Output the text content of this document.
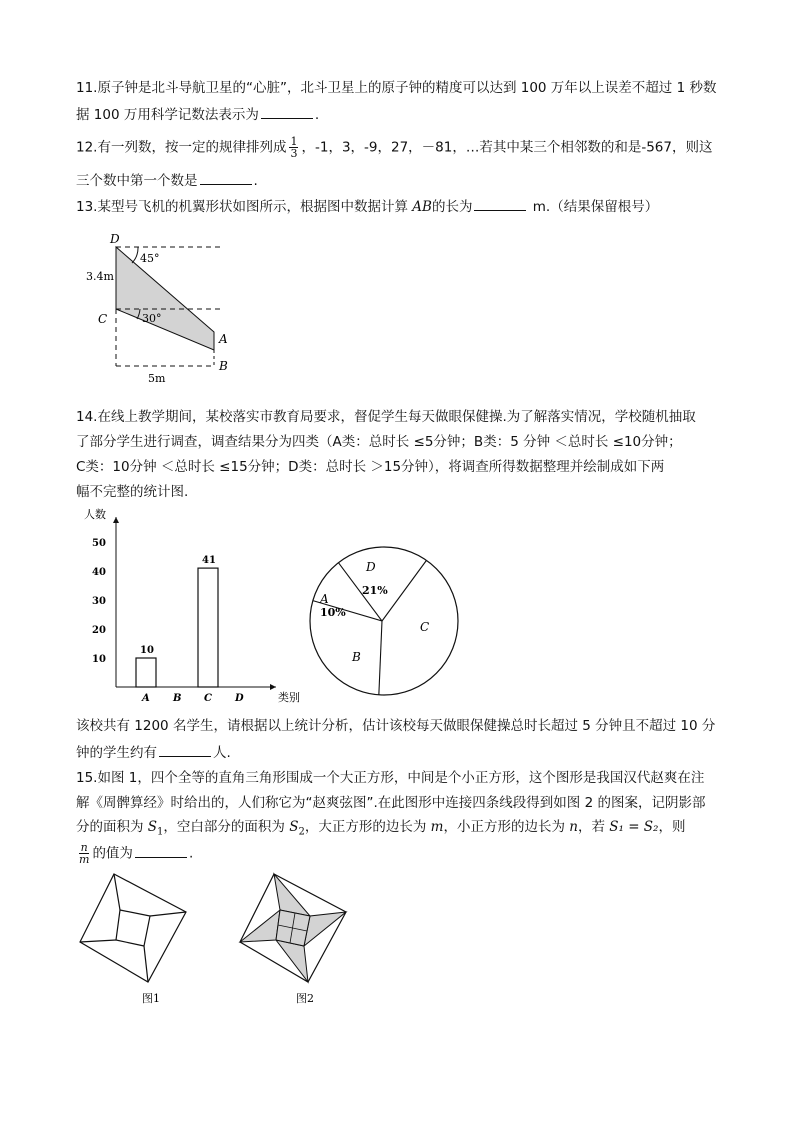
11.原子钟是北斗导航卫星的“心脏”，北斗卫星上的原子钟的精度可以达到 100 万年以上误差不超过 1 秒数
据 100 万用科学记数法表示为	.
12.有一列数，按一定的规律排列成 $\frac{1}{3}$ ，-1，3，-9，27，－81，…若其中某三个相邻数的和是-567，则这
三个数中第一个数是	.
13.某型号飞机的机翼形状如图所示，根据图中数据计算 AB的长为	m.（结果保留根号）
D
C
A
B
45°
30°
3.4m
5m
14.在线上教学期间，某校落实市教育局要求，督促学生每天做眼保健操.为了解落实情况，学校随机抽取
了部分学生进行调查，调查结果分为四类（A类：总时长 ≤5分钟；B类：5 分钟 ＜总时长 ≤10分钟；
C类：10分钟 ＜总时长 ≤15分钟；D类：总时长 ＞15分钟），将调查所得数据整理并绘制成如下两
幅不完整的统计图.
人数
类别
10
20
30
40
50
A
10
B C
41
D
A
10%
B
C
D
21%
该校共有 1200 名学生，请根据以上统计分析，估计该校每天做眼保健操总时长超过 5 分钟且不超过 10 分
钟的学生约有	人.
15.如图 1，四个全等的直角三角形围成一个大正方形，中间是个小正方形，这个图形是我国汉代赵爽在注
解《周髀算经》时给出的，人们称它为“赵爽弦图”.在此图形中连接四条线段得到如图 2 的图案，记阴影部
分的面积为 $S_1$，空白部分的面积为 $S_2$，大正方形的边长为 m，小正方形的边长为 n，若 S₁ = S₂，则
$\frac{n}{m}$ 的值为	.
图1	图2
